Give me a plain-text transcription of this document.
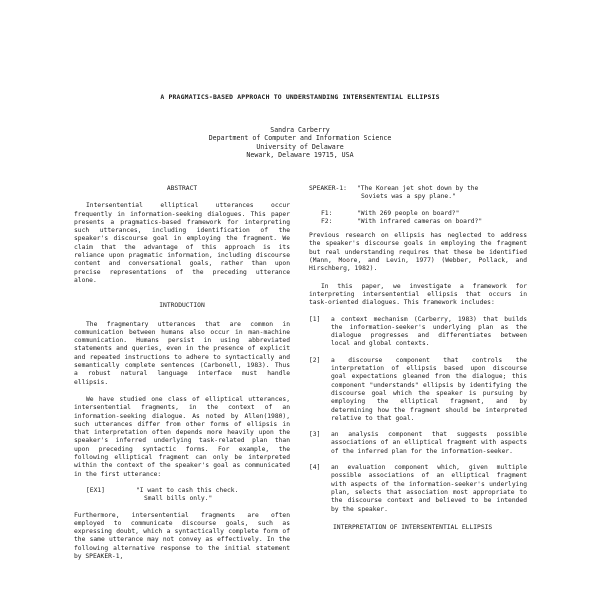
A PRAGMATICS-BASED APPROACH TO UNDERSTANDING INTERSENTENTIAL ELLIPSIS
Sandra Carberry
Department of Computer and Information Science
University of Delaware
Newark, Delaware 19715, USA

ABSTRACT

Intersentential elliptical utterances occur frequently in information-seeking dialogues. This paper presents a pragmatics-based framework for interpreting such utterances, including identification of the speaker's discourse goal in employing the fragment. We claim that the advantage of this approach is its reliance upon pragmatic information, including discourse content and conversational goals, rather than upon precise representations of the preceding utterance alone.

INTRODUCTION

The fragmentary utterances that are common in communication between humans also occur in man-machine communication. Humans persist in using abbreviated statements and queries, even in the presence of explicit and repeated instructions to adhere to syntactically and semantically complete sentences (Carbonell, 1983). Thus a robust natural language interface must handle ellipsis.

We have studied one class of elliptical utterances, intersentential fragments, in the context of an information-seeking dialogue. As noted by Allen(1980), such utterances differ from other forms of ellipsis in that interpretation often depends more heavily upon the speaker's inferred underlying task-related plan than upon preceding syntactic forms. For example, the following elliptical fragment can only be interpreted within the context of the speaker's goal as communicated in the first utterance:

[EX1]	"I want to cash this check.
Small bills only."

Furthermore, intersentential fragments are often employed to communicate discourse goals, such as expressing doubt, which a syntactically complete form of the same utterance may not convey as effectively. In the following alternative response to the initial statement by SPEAKER-1,

SPEAKER-1:	"The Korean jet shot down by the
Soviets was a spy plane."
F1:	"With 269 people on board?"
F2:	"With infrared cameras on board?"

Previous research on ellipsis has neglected to address the speaker's discourse goals in employing the fragment but real understanding requires that these be identified (Mann, Moore, and Levin, 1977) (Webber, Pollack, and Hirschberg, 1982).

In this paper, we investigate a framework for interpreting intersentential ellipsis that occurs in task-oriented dialogues. This framework includes:

[1]	a context mechanism (Carberry, 1983) that builds the information-seeker's underlying plan as the dialogue progresses and differentiates between local and global contexts.
[2]	a discourse component that controls the interpretation of ellipsis based upon discourse goal expectations gleaned from the dialogue; this component "understands" ellipsis by identifying the discourse goal which the speaker is pursuing by employing the elliptical fragment, and by determining how the fragment should be interpreted relative to that goal.
[3]	an analysis component that suggests possible associations of an elliptical fragment with aspects of the inferred plan for the information-seeker.
[4]	an evaluation component which, given multiple possible associations of an elliptical fragment with aspects of the information-seeker's underlying plan, selects that association most appropriate to the discourse context and believed to be intended by the speaker.

INTERPRETATION OF INTERSENTENTIAL ELLIPSIS
